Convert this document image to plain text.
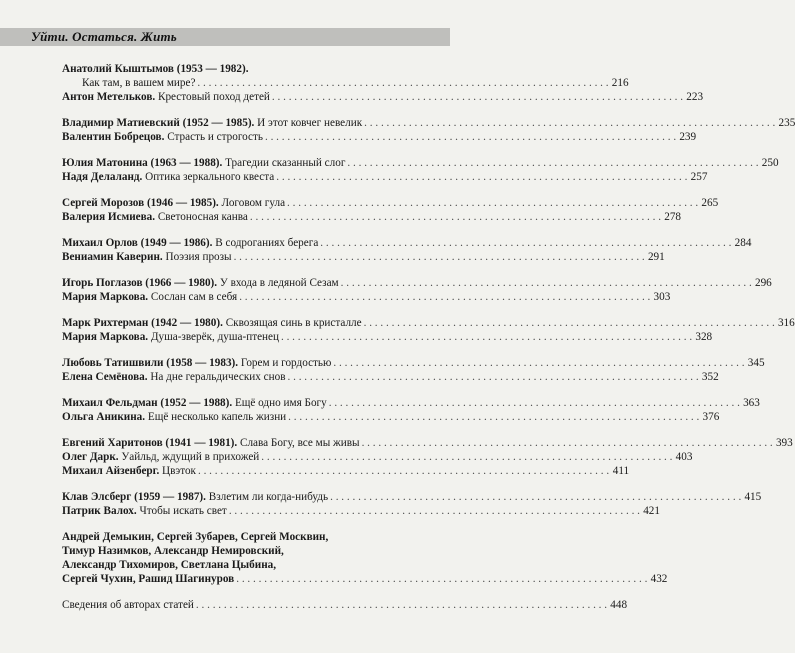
Уйти. Остаться. Жить
Анатолий Кыштымов (1953 — 1982).
Как там, в вашем мире? . . .	216
Антон Метельков. Крестовый поход детей . . .	223
Владимир Матиевский (1952 — 1985). И этот ковчег невелик . . .	235
Валентин Бобрецов. Страсть и строгость . . .	239
Юлия Матонина (1963 — 1988). Трагедии сказанный слог . . .	250
Надя Делаланд. Оптика зеркального квеста . . .	257
Сергей Морозов (1946 — 1985). Логовом гула . . .	265
Валерия Исмиева. Светоносная канва . . .	278
Михаил Орлов (1949 — 1986). В содроганиях берега . . .	284
Вениамин Каверин. Поэзия прозы . . .	291
Игорь Поглазов (1966 — 1980). У входа в ледяной Сезам . . .	296
Мария Маркова. Сослан сам в себя . . .	303
Марк Рихтерман (1942 — 1980). Сквозящая синь в кристалле . . .	316
Мария Маркова. Душа-зверёк, душа-птенец . . .	328
Любовь Татишвили (1958 — 1983). Горем и гордостью . . .	345
Елена Семёнова. На дне геральдических снов . . .	352
Михаил Фельдман (1952 — 1988). Ещё одно имя Богу . . .	363
Ольга Аникина. Ещё несколько капель жизни . . .	376
Евгений Харитонов (1941 — 1981). Слава Богу, все мы живы . . .	393
Олег Дарк. Уайльд, ждущий в прихожей . . .	403
Михаил Айзенберг. Цвэток . . .	411
Клав Элсберг (1959 — 1987). Взлетим ли когда-нибудь . . .	415
Патрик Валох. Чтобы искать свет . . .	421
Андрей Демыкин, Сергей Зубарев, Сергей Москвин,
Тимур Назимков, Александр Немировский,
Александр Тихомиров, Светлана Цыбина,
Сергей Чухин, Рашид Шагинуров . . .	432
Сведения об авторах статей . . .	448
